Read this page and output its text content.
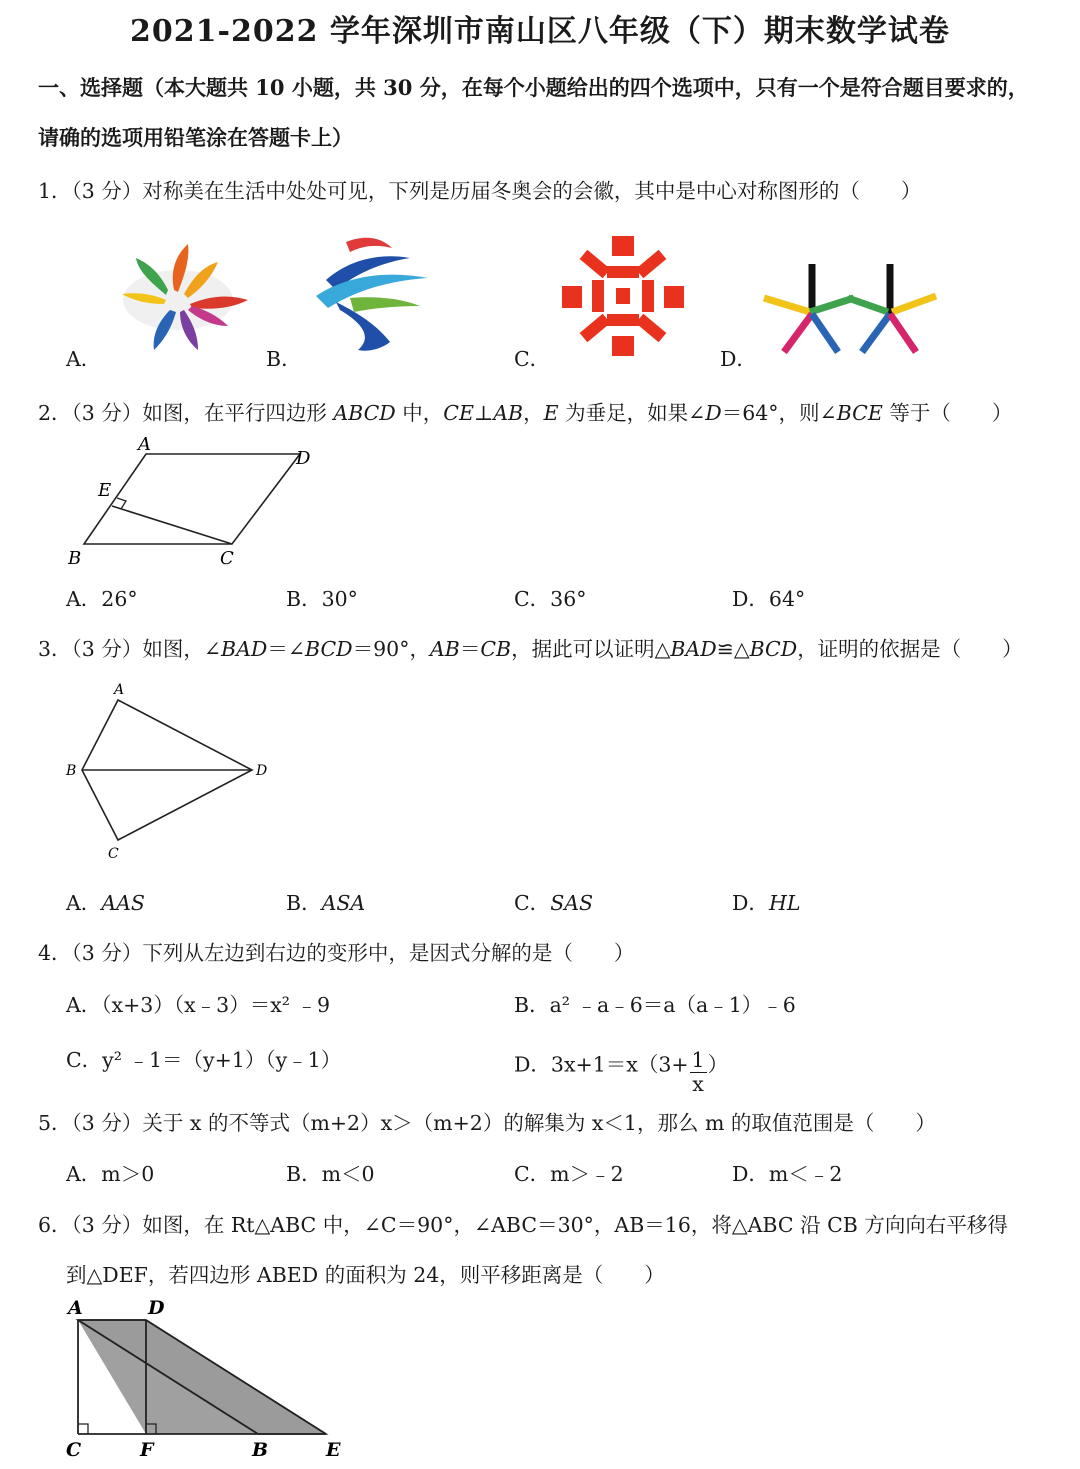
2021-2022 学年深圳市南山区八年级（下）期末数学试卷
一、选择题（本大题共 10 小题，共 30 分，在每个小题给出的四个选项中，只有一个是符合题目要求的，
请确的选项用铅笔涂在答题卡上）
1．（3 分）对称美在生活中处处可见，下列是历届冬奥会的会徽，其中是中心对称图形的（　　）
A．	B．	C．	D．
2．（3 分）如图，在平行四边形 ABCD 中，CE⊥AB，E 为垂足，如果∠D＝64°，则∠BCE 等于（　　）
A
D
E
B	C
A．26°	B．30°	C．36°	D．64°
3．（3 分）如图，∠BAD＝∠BCD＝90°，AB＝CB，据此可以证明△BAD≌△BCD，证明的依据是（　　）
A
B	D
C
A．AAS	B．ASA	C．SAS	D．HL
4．（3 分）下列从左边到右边的变形中，是因式分解的是（　　）
A．（x+3）（x﹣3）＝x² ﹣9	B．a² ﹣a﹣6＝a（a﹣1）﹣6
C．y² ﹣1＝（y+1）（y﹣1）	D．$3x+1=x(3+ \frac{1}{x}$ ）
5．（3 分）关于 x 的不等式（m+2）x＞（m+2）的解集为 x＜1，那么 m 的取值范围是（　　）
A．m＞0	B．m＜0	C．m＞﹣2	D．m＜﹣2
6．（3 分）如图，在 Rt△ABC 中，∠C＝90°，∠ABC＝30°，AB＝16，将△ABC 沿 CB 方向向右平移得
到△DEF，若四边形 ABED 的面积为 24，则平移距离是（　　）
A	D
C	F	B	E
